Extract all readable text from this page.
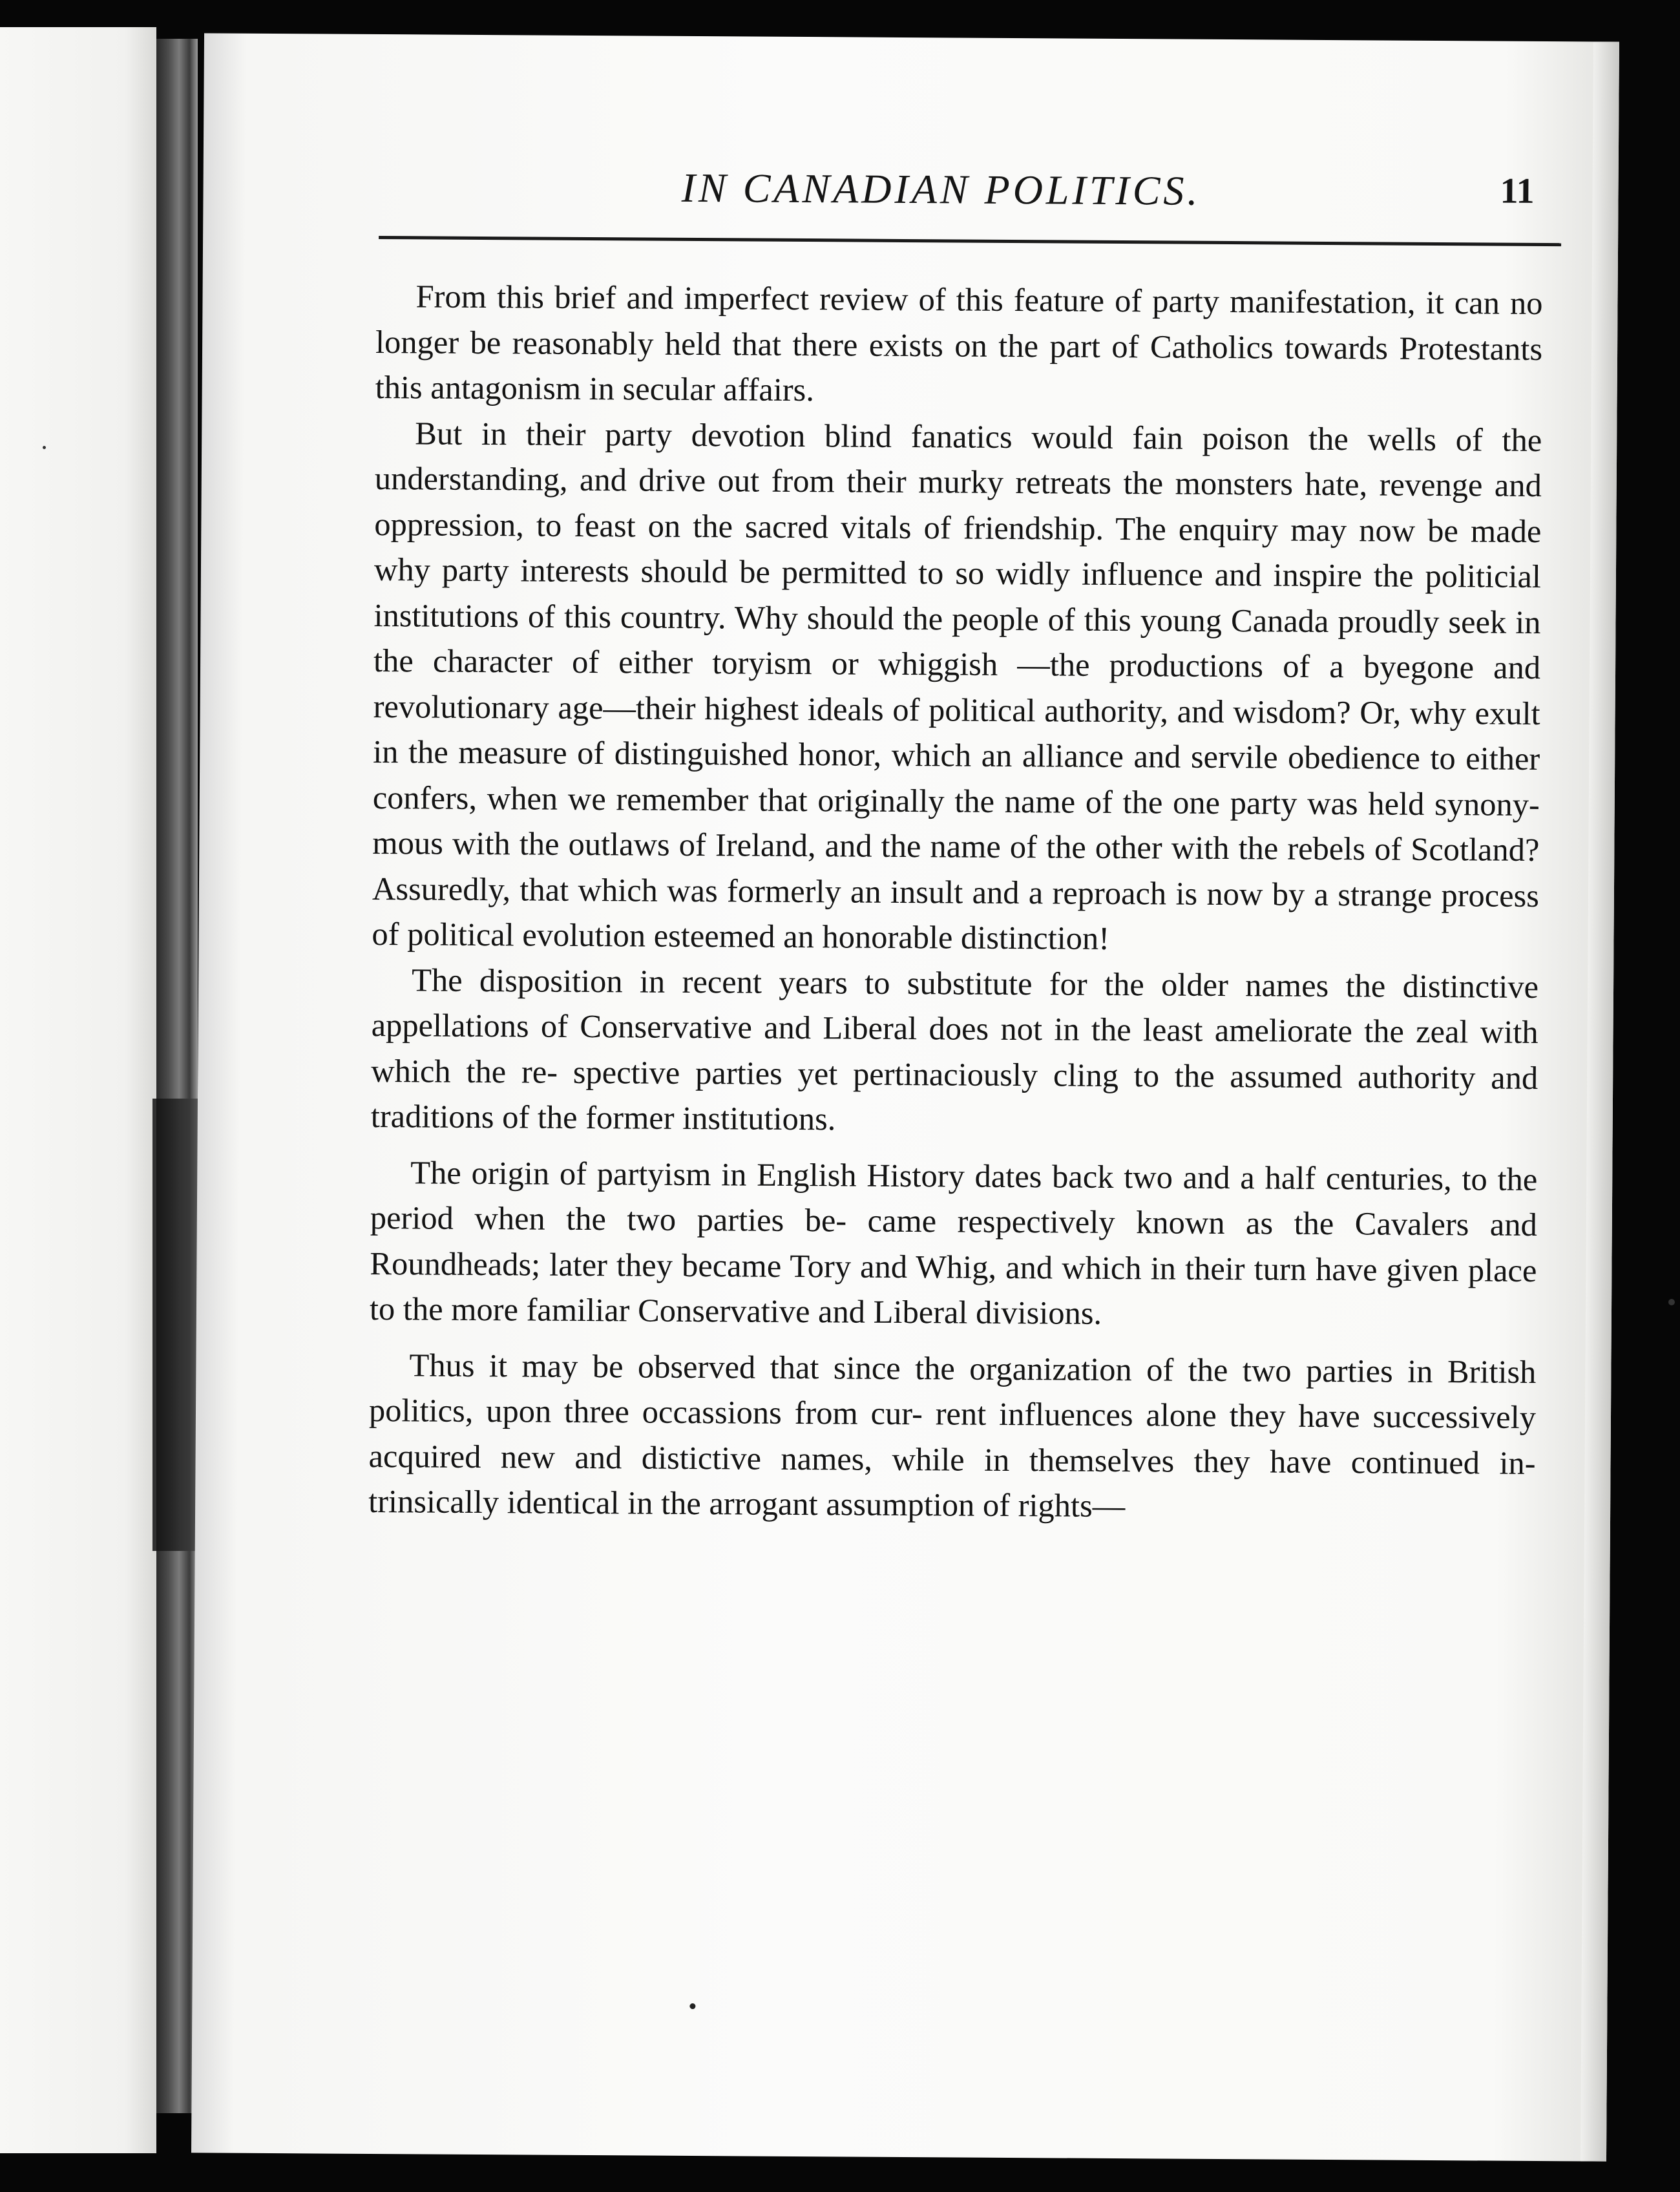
IN CANADIAN POLITICS.	11

From this brief and imperfect review of this feature of party manifestation, it can no longer be reasonably held that there exists on the part of Catholics towards Protestants this antagonism in secular affairs.

But in their party devotion blind fanatics would fain poison the wells of the understanding, and drive out from their murky retreats the monsters hate, revenge and oppression, to feast on the sacred vitals of friendship. The enquiry may now be made why party interests should be permitted to so widly influence and inspire the politicial institutions of this country. Why should the people of this young Canada proudly seek in the character of either toryism or whiggish —the productions of a byegone and revolutionary age—their highest ideals of political authority, and wisdom? Or, why exult in the measure of distinguished honor, which an alliance and servile obedience to either confers, when we remember that originally the name of the one party was held synony- mous with the outlaws of Ireland, and the name of the other with the rebels of Scotland? Assuredly, that which was formerly an insult and a reproach is now by a strange process of political evolution esteemed an honorable distinction!

The disposition in recent years to substitute for the older names the distinctive appellations of Conservative and Liberal does not in the least ameliorate the zeal with which the re- spective parties yet pertinaciously cling to the assumed authority and traditions of the former institutions.

The origin of partyism in English History dates back two and a half centuries, to the period when the two parties be- came respectively known as the Cavalers and Roundheads; later they became Tory and Whig, and which in their turn have given place to the more familiar Conservative and Liberal divisions.

Thus it may be observed that since the organization of the two parties in British politics, upon three occassions from cur- rent influences alone they have successively acquired new and distictive names, while in themselves they have continued in- trinsically identical in the arrogant assumption of rights—
